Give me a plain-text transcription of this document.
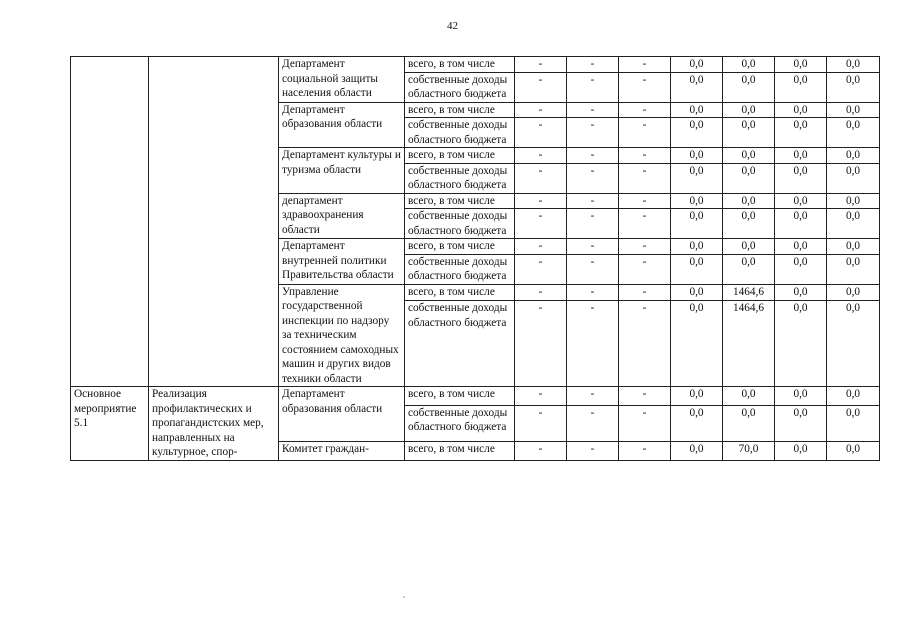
42
		Департамент социальной защиты населения области	всего, в том числе	-	-	-	0,0	0,0	0,0	0,0
			собственные доходы областного бюджета	-	-	-	0,0	0,0	0,0	0,0
		Департамент образования области	всего, в том числе	-	-	-	0,0	0,0	0,0	0,0
			собственные доходы областного бюджета	-	-	-	0,0	0,0	0,0	0,0
		Департамент культуры и туризма области	всего, в том числе	-	-	-	0,0	0,0	0,0	0,0
			собственные доходы областного бюджета	-	-	-	0,0	0,0	0,0	0,0
		департамент здравоохранения области	всего, в том числе	-	-	-	0,0	0,0	0,0	0,0
			собственные доходы областного бюджета	-	-	-	0,0	0,0	0,0	0,0
		Департамент внутренней политики Правительства области	всего, в том числе	-	-	-	0,0	0,0	0,0	0,0
			собственные доходы областного бюджета	-	-	-	0,0	0,0	0,0	0,0
		Управление государственной инспекции по надзору за техническим состоянием самоходных машин и других видов техники области	всего, в том числе	-	-	-	0,0	1464,6	0,0	0,0
			собственные доходы областного бюджета	-	-	-	0,0	1464,6	0,0	0,0
Основное мероприятие 5.1	Реализация профилактических и пропагандистских мер, направленных на культурное, спор-	Департамент образования области	всего, в том числе	-	-	-	0,0	0,0	0,0	0,0
			собственные доходы областного бюджета	-	-	-	0,0	0,0	0,0	0,0
		Комитет граждан-	всего, в том числе	-	-	-	0,0	70,0	0,0	0,0
